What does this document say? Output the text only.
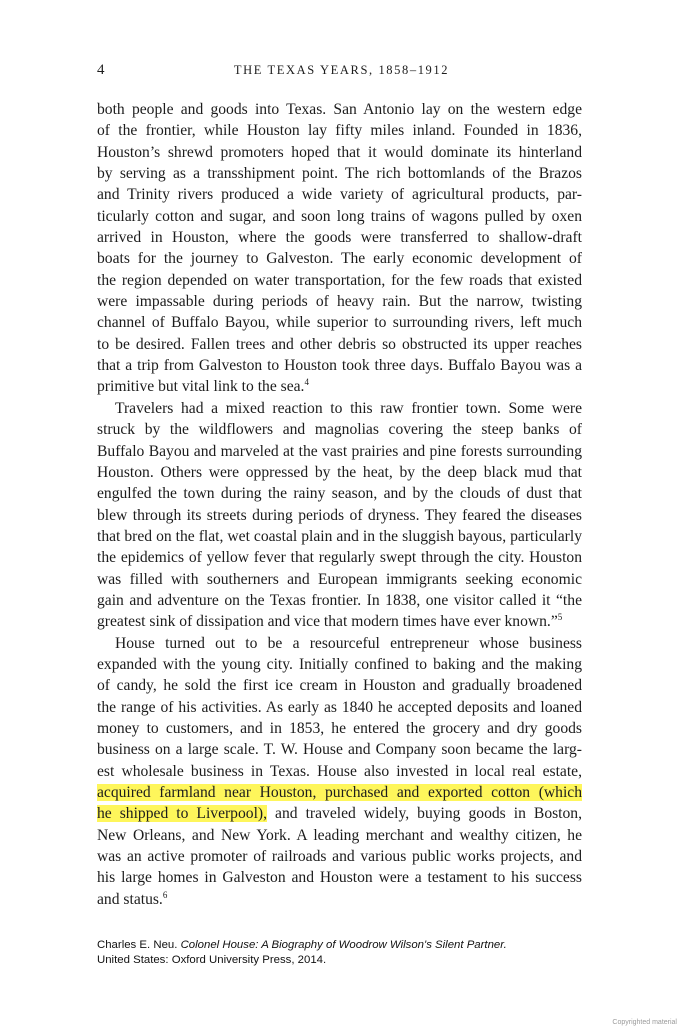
4	THE TEXAS YEARS, 1858–1912
both people and goods into Texas. San Antonio lay on the western edge
of the frontier, while Houston lay fifty miles inland. Founded in 1836,
Houston’s shrewd promoters hoped that it would dominate its hinterland
by serving as a transshipment point. The rich bottomlands of the Brazos
and Trinity rivers produced a wide variety of agricultural products, par-
ticularly cotton and sugar, and soon long trains of wagons pulled by oxen
arrived in Houston, where the goods were transferred to shallow-draft
boats for the journey to Galveston. The early economic development of
the region depended on water transportation, for the few roads that existed
were impassable during periods of heavy rain. But the narrow, twisting
channel of Buffalo Bayou, while superior to surrounding rivers, left much
to be desired. Fallen trees and other debris so obstructed its upper reaches
that a trip from Galveston to Houston took three days. Buffalo Bayou was a
primitive but vital link to the sea.$^4$
Travelers had a mixed reaction to this raw frontier town. Some were
struck by the wildflowers and magnolias covering the steep banks of
Buffalo Bayou and marveled at the vast prairies and pine forests surrounding
Houston. Others were oppressed by the heat, by the deep black mud that
engulfed the town during the rainy season, and by the clouds of dust that
blew through its streets during periods of dryness. They feared the diseases
that bred on the flat, wet coastal plain and in the sluggish bayous, particularly
the epidemics of yellow fever that regularly swept through the city. Houston
was filled with southerners and European immigrants seeking economic
gain and adventure on the Texas frontier. In 1838, one visitor called it “the
greatest sink of dissipation and vice that modern times have ever known.”$^5$
House turned out to be a resourceful entrepreneur whose business
expanded with the young city. Initially confined to baking and the making
of candy, he sold the first ice cream in Houston and gradually broadened
the range of his activities. As early as 1840 he accepted deposits and loaned
money to customers, and in 1853, he entered the grocery and dry goods
business on a large scale. T. W. House and Company soon became the larg-
est wholesale business in Texas. House also invested in local real estate,
acquired farmland near Houston, purchased and exported cotton (which
he shipped to Liverpool), and traveled widely, buying goods in Boston,
New Orleans, and New York. A leading merchant and wealthy citizen, he
was an active promoter of railroads and various public works projects, and
his large homes in Galveston and Houston were a testament to his success
and status.$^6$
Charles E. Neu. Colonel House: A Biography of Woodrow Wilson's Silent Partner.
United States: Oxford University Press, 2014.
Copyrighted material
